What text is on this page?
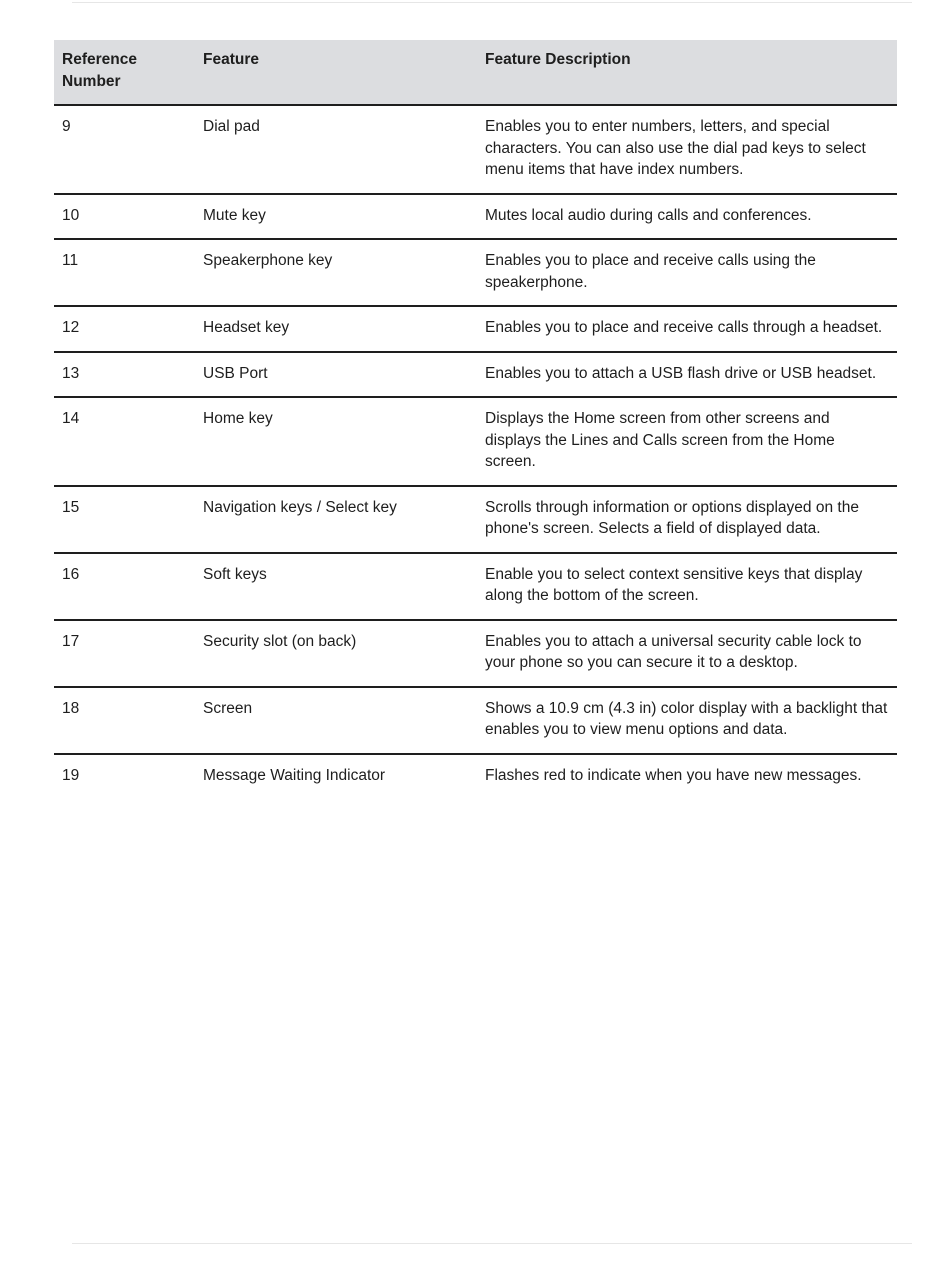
Reference Number	Feature	Feature Description
9	Dial pad	Enables you to enter numbers, letters, and special characters. You can also use the dial pad keys to select menu items that have index numbers.
10	Mute key	Mutes local audio during calls and conferences.
11	Speakerphone key	Enables you to place and receive calls using the speakerphone.
12	Headset key	Enables you to place and receive calls through a headset.
13	USB Port	Enables you to attach a USB flash drive or USB headset.
14	Home key	Displays the Home screen from other screens and displays the Lines and Calls screen from the Home screen.
15	Navigation keys / Select key	Scrolls through information or options displayed on the phone's screen. Selects a field of displayed data.
16	Soft keys	Enable you to select context sensitive keys that display along the bottom of the screen.
17	Security slot (on back)	Enables you to attach a universal security cable lock to your phone so you can secure it to a desktop.
18	Screen	Shows a 10.9 cm (4.3 in) color display with a backlight that enables you to view menu options and data.
19	Message Waiting Indicator	Flashes red to indicate when you have new messages.
